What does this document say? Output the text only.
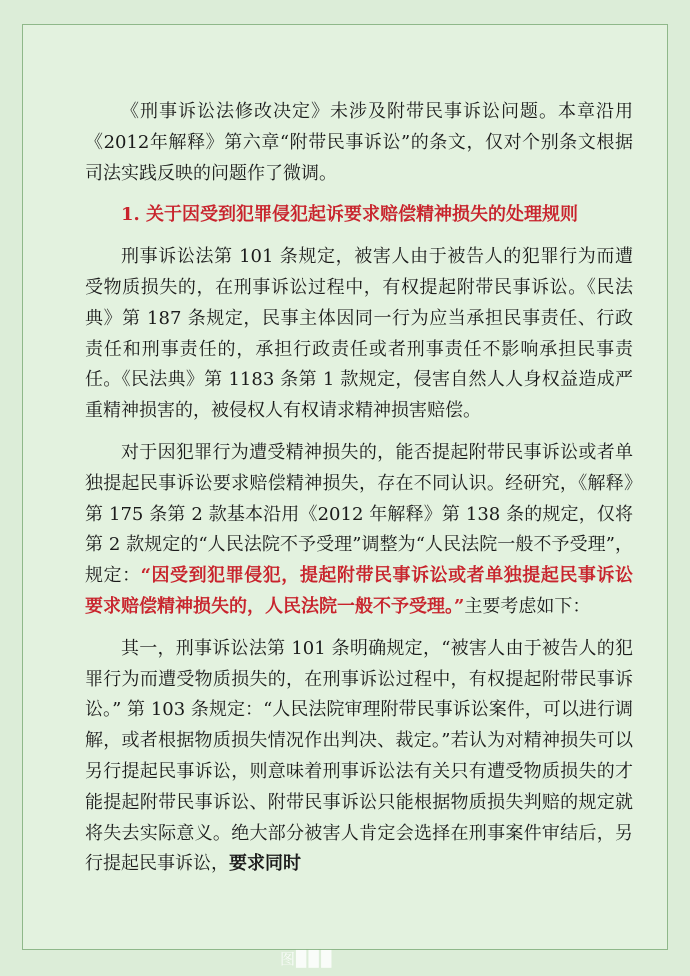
《刑事诉讼法修改决定》未涉及附带民事诉讼问题。本章沿用《2012年解释》第六章“附带民事诉讼”的条文，仅对个别条文根据司法实践反映的问题作了微调。

1. 关于因受到犯罪侵犯起诉要求赔偿精神损失的处理规则

刑事诉讼法第 101 条规定，被害人由于被告人的犯罪行为而遭受物质损失的，在刑事诉讼过程中，有权提起附带民事诉讼。《民法典》第 187 条规定，民事主体因同一行为应当承担民事责任、行政责任和刑事责任的，承担行政责任或者刑事责任不影响承担民事责任。《民法典》第 1183 条第 1 款规定，侵害自然人人身权益造成严重精神损害的，被侵权人有权请求精神损害赔偿。

对于因犯罪行为遭受精神损失的，能否提起附带民事诉讼或者单独提起民事诉讼要求赔偿精神损失，存在不同认识。经研究，《解释》第 175 条第 2 款基本沿用《2012 年解释》第 138 条的规定，仅将第 2 款规定的“人民法院不予受理”调整为“人民法院一般不予受理”，规定：“因受到犯罪侵犯，提起附带民事诉讼或者单独提起民事诉讼要求赔偿精神损失的，人民法院一般不予受理。”主要考虑如下：

其一，刑事诉讼法第 101 条明确规定，“被害人由于被告人的犯罪行为而遭受物质损失的，在刑事诉讼过程中，有权提起附带民事诉讼。” 第 103 条规定：“人民法院审理附带民事诉讼案件，可以进行调解，或者根据物质损失情况作出判决、裁定。”若认为对精神损失可以另行提起民事诉讼，则意味着刑事诉讼法有关只有遭受物质损失的才能提起附带民事诉讼、附带民事诉讼只能根据物质损失判赔的规定就将失去实际意义。绝大部分被害人肯定会选择在刑事案件审结后，另行提起民事诉讼，要求同时

图▉▉▉
